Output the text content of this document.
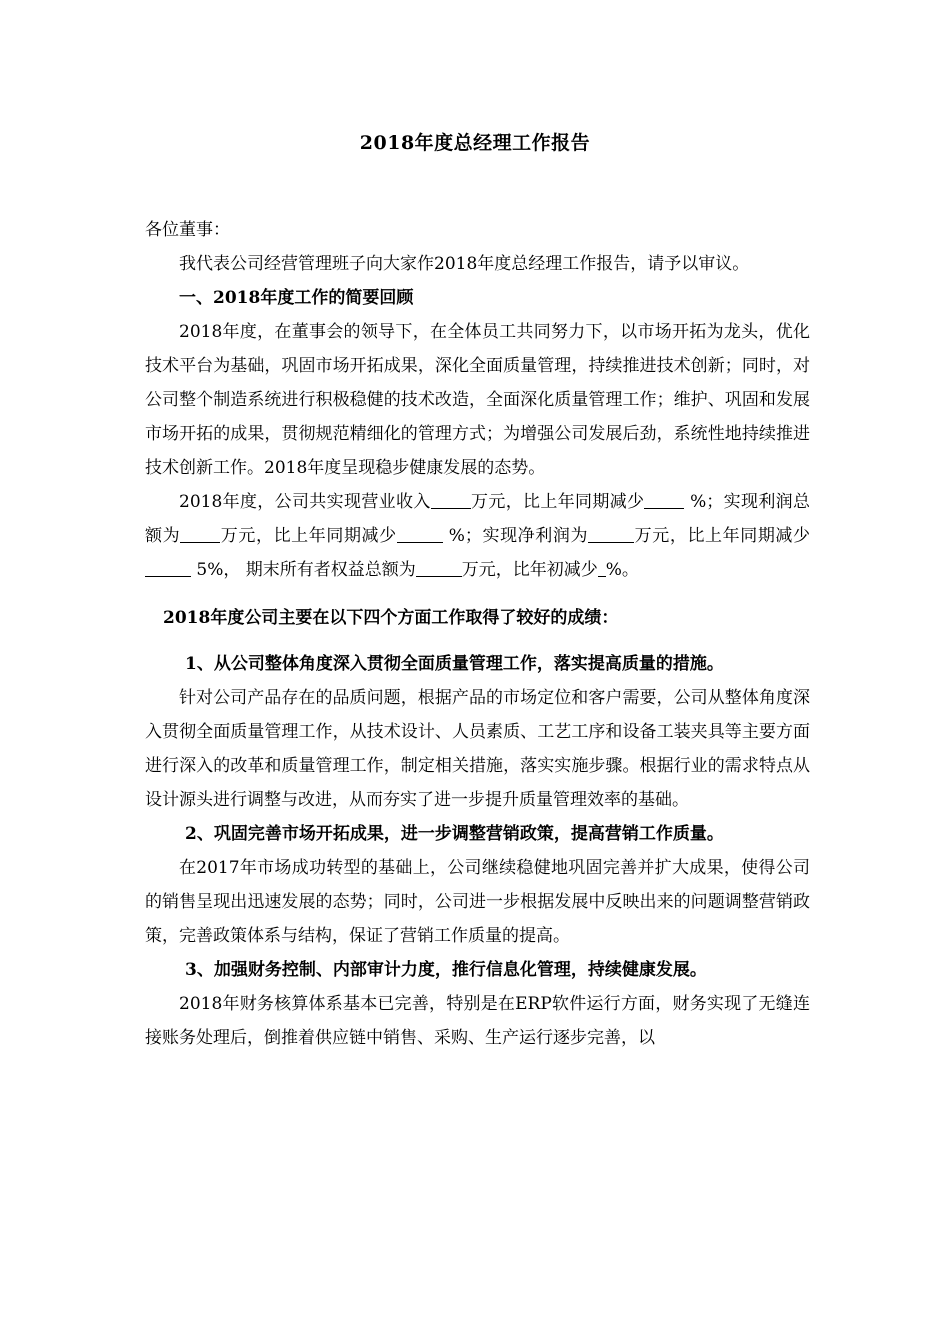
2018年度总经理工作报告

各位董事：

我代表公司经营管理班子向大家作2018年度总经理工作报告，请予以审议。

一、2018年度工作的简要回顾

2018年度，在董事会的领导下，在全体员工共同努力下，以市场开拓为龙头，优化技术平台为基础，巩固市场开拓成果，深化全面质量管理，持续推进技术创新；同时，对公司整个制造系统进行积极稳健的技术改造，全面深化质量管理工作；维护、巩固和发展市场开拓的成果，贯彻规范精细化的管理方式；为增强公司发展后劲，系统性地持续推进技术创新工作。2018年度呈现稳步健康发展的态势。

2018年度，公司共实现营业收入 万元，比上年同期减少 %；实现利润总额为 万元，比上年同期减少	%；实现净利润为	万元，比上年同期减少 5%， 期末所有者权益总额为	万元，比年初减少 %。

2018年度公司主要在以下四个方面工作取得了较好的成绩：

1、从公司整体角度深入贯彻全面质量管理工作，落实提高质量的措施。

针对公司产品存在的品质问题，根据产品的市场定位和客户需要，公司从整体角度深入贯彻全面质量管理工作，从技术设计、人员素质、工艺工序和设备工装夹具等主要方面进行深入的改革和质量管理工作，制定相关措施，落实实施步骤。根据行业的需求特点从设计源头进行调整与改进，从而夯实了进一步提升质量管理效率的基础。

2、巩固完善市场开拓成果，进一步调整营销政策，提高营销工作质量。

在2017年市场成功转型的基础上，公司继续稳健地巩固完善并扩大成果，使得公司的销售呈现出迅速发展的态势；同时，公司进一步根据发展中反映出来的问题调整营销政策，完善政策体系与结构，保证了营销工作质量的提高。

3、加强财务控制、内部审计力度，推行信息化管理，持续健康发展。

2018年财务核算体系基本已完善，特别是在ERP软件运行方面，财务实现了无缝连接账务处理后，倒推着供应链中销售、采购、生产运行逐步完善，以
